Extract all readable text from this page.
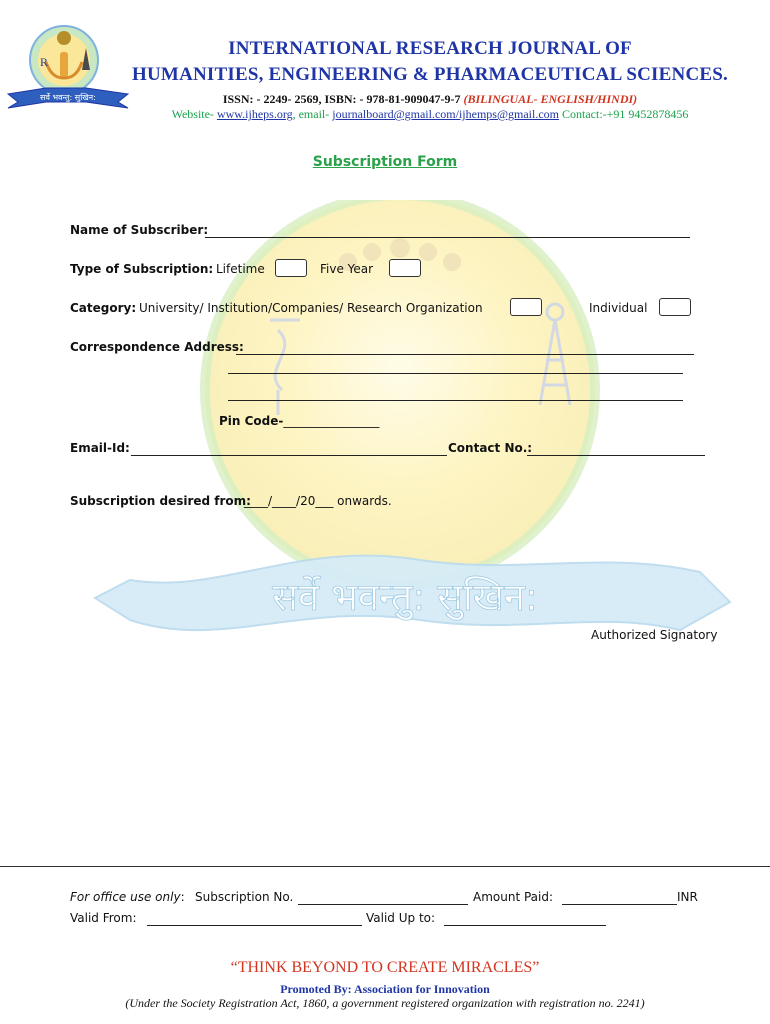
सर्वे भवन्तु: सुखिन:
R
सर्वे भवन्तु: सुखिन:
INTERNATIONAL RESEARCH JOURNAL OF
HUMANITIES, ENGINEERING & PHARMACEUTICAL SCIENCES.
ISSN: - 2249- 2569, ISBN: - 978-81-909047-9-7 (BILINGUAL- ENGLISH/HINDI)
Website- www.ijheps.org, email- journalboard@gmail.com/ijhemps@gmail.com Contact:-+91 9452878456
Subscription Form
Name of Subscriber:
Type of Subscription: Lifetime	Five Year
Category: University/ Institution/Companies/ Research Organization	Individual
Correspondence Address:
Pin Code-________________
Email-Id:	Contact No.:
Subscription desired from:
____/____/20___ onwards.
Authorized Signatory
For office use only: Subscription No.	Amount Paid:	INR
Valid From:	Valid Up to:
“THINK BEYOND TO CREATE MIRACLES”
Promoted By: Association for Innovation
(Under the Society Registration Act, 1860, a government registered organization with registration no. 2241)
